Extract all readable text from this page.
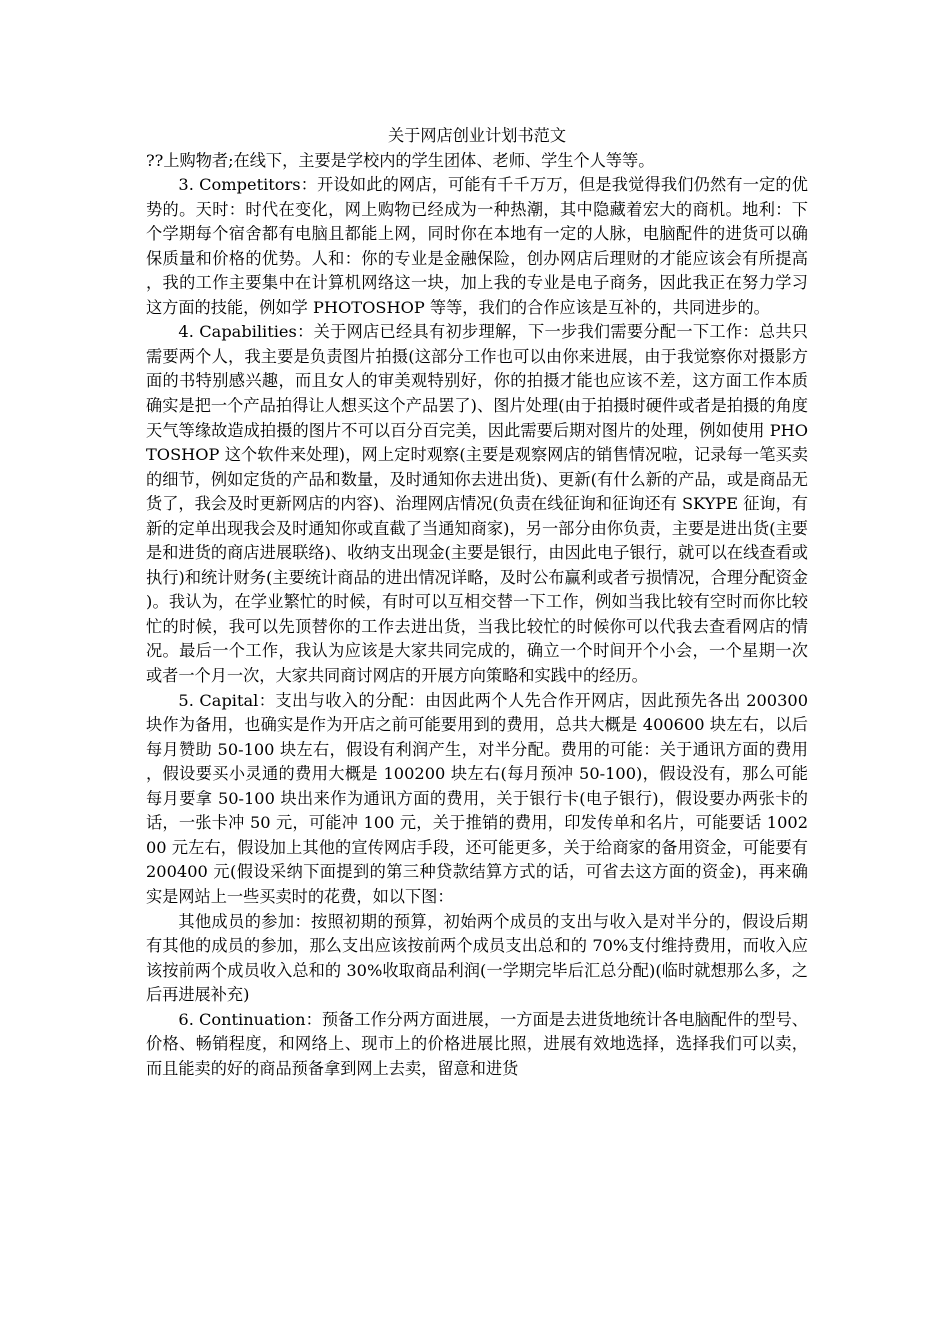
关于网店创业计划书范文

??上购物者;在线下，主要是学校内的学生团体、老师、学生个人等等。

3. Competitors：开设如此的网店，可能有千千万万，但是我觉得我们仍然有一定的优势的。天时：时代在变化，网上购物已经成为一种热潮，其中隐藏着宏大的商机。地利：下个学期每个宿舍都有电脑且都能上网，同时你在本地有一定的人脉，电脑配件的进货可以确保质量和价格的优势。人和：你的专业是金融保险，创办网店后理财的才能应该会有所提高，我的工作主要集中在计算机网络这一块，加上我的专业是电子商务，因此我正在努力学习这方面的技能，例如学 PHOTOSHOP 等等，我们的合作应该是互补的，共同进步的。

4. Capabilities：关于网店已经具有初步理解，下一步我们需要分配一下工作：总共只需要两个人，我主要是负责图片拍摄(这部分工作也可以由你来进展，由于我觉察你对摄影方面的书特别感兴趣，而且女人的审美观特别好，你的拍摄才能也应该不差，这方面工作本质确实是把一个产品拍得让人想买这个产品罢了)、图片处理(由于拍摄时硬件或者是拍摄的角度天气等缘故造成拍摄的图片不可以百分百完美，因此需要后期对图片的处理，例如使用 PHOTOSHOP 这个软件来处理)，网上定时观察(主要是观察网店的销售情况啦，记录每一笔买卖的细节，例如定货的产品和数量，及时通知你去进出货)、更新(有什么新的产品，或是商品无货了，我会及时更新网店的内容)、治理网店情况(负责在线征询和征询还有 SKYPE 征询，有新的定单出现我会及时通知你或直截了当通知商家)，另一部分由你负责，主要是进出货(主要是和进货的商店进展联络)、收纳支出现金(主要是银行，由因此电子银行，就可以在线查看或执行)和统计财务(主要统计商品的进出情况详略，及时公布赢利或者亏损情况，合理分配资金)。我认为，在学业繁忙的时候，有时可以互相交替一下工作，例如当我比较有空时而你比较忙的时候，我可以先顶替你的工作去进出货，当我比较忙的时候你可以代我去查看网店的情况。最后一个工作，我认为应该是大家共同完成的，确立一个时间开个小会，一个星期一次或者一个月一次，大家共同商讨网店的开展方向策略和实践中的经历。

5. Capital：支出与收入的分配：由因此两个人先合作开网店，因此预先各出 200300 块作为备用，也确实是作为开店之前可能要用到的费用，总共大概是 400600 块左右，以后每月赞助 50-100 块左右，假设有利润产生，对半分配。费用的可能：关于通讯方面的费用，假设要买小灵通的费用大概是 100200 块左右(每月预冲 50-100)，假设没有，那么可能每月要拿 50-100 块出来作为通讯方面的费用，关于银行卡(电子银行)，假设要办两张卡的话，一张卡冲 50 元，可能冲 100 元，关于推销的费用，印发传单和名片，可能要话 100200 元左右，假设加上其他的宣传网店手段，还可能更多，关于给商家的备用资金，可能要有 200400 元(假设采纳下面提到的第三种贷款结算方式的话，可省去这方面的资金)，再来确实是网站上一些买卖时的花费，如以下图：

其他成员的参加：按照初期的预算，初始两个成员的支出与收入是对半分的，假设后期有其他的成员的参加，那么支出应该按前两个成员支出总和的 70%支付维持费用，而收入应该按前两个成员收入总和的 30%收取商品利润(一学期完毕后汇总分配)(临时就想那么多，之后再进展补充)

6. Continuation：预备工作分两方面进展，一方面是去进货地统计各电脑配件的型号、价格、畅销程度，和网络上、现市上的价格进展比照，进展有效地选择，选择我们可以卖，而且能卖的好的商品预备拿到网上去卖，留意和进货
